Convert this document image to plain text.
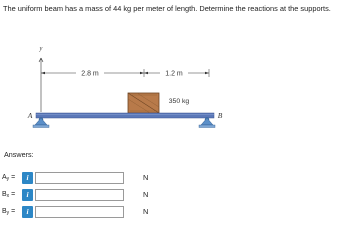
The uniform beam has a mass of 44 kg per meter of length. Determine the reactions at the supports.
y
2.8 m	1.2 m
350 kg
A	B
Answers:
$A_y$ =	i	N
$B_x$ =	i	N
$B_y$ =	i	N
